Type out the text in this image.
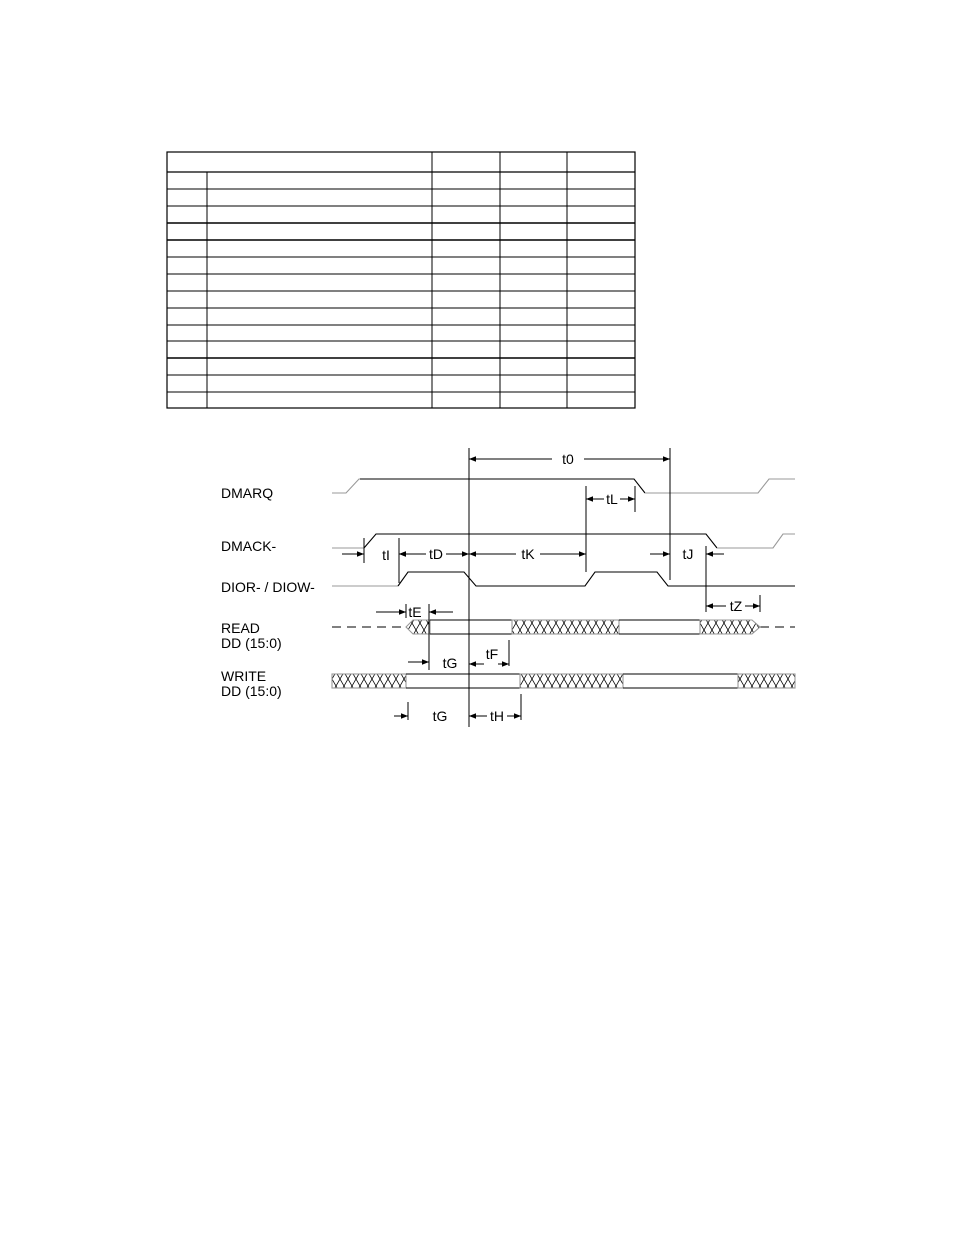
DMARQ
DMACK-
DIOR- / DIOW-
READ
DD (15:0)
WRITE
DD (15:0)
t0
tL
tI	tD	tK	tJ
tZ
tE
tF
tG
tG	tH
